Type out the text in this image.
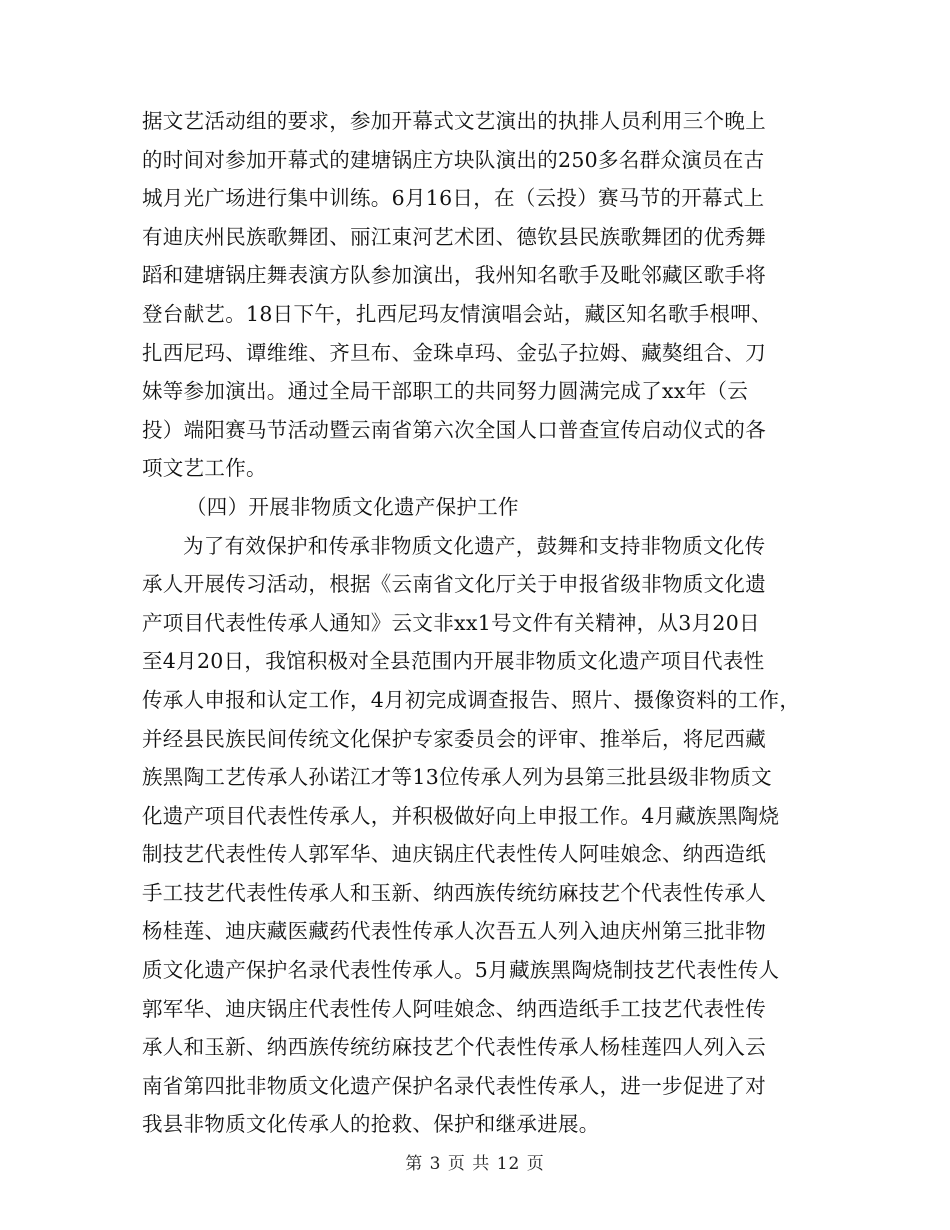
据文艺活动组的要求，参加开幕式文艺演出的执排人员利用三个晚上
的时间对参加开幕式的建塘锅庄方块队演出的250多名群众演员在古
城月光广场进行集中训练。6月16日，在（云投）赛马节的开幕式上
有迪庆州民族歌舞团、丽江東河艺术团、德钦县民族歌舞团的优秀舞
蹈和建塘锅庄舞表演方队参加演出，我州知名歌手及毗邻藏区歌手将
登台献艺。18日下午，扎西尼玛友情演唱会站，藏区知名歌手根呷、
扎西尼玛、谭维维、齐旦布、金珠卓玛、金弘子拉姆、藏獒组合、刀
妹等参加演出。通过全局干部职工的共同努力圆满完成了xx年（云
投）端阳赛马节活动暨云南省第六次全国人口普查宣传启动仪式的各
项文艺工作。
（四）开展非物质文化遗产保护工作
为了有效保护和传承非物质文化遗产，鼓舞和支持非物质文化传
承人开展传习活动，根据《云南省文化厅关于申报省级非物质文化遗
产项目代表性传承人通知》云文非xx1号文件有关精神，从3月20日
至4月20日，我馆积极对全县范围内开展非物质文化遗产项目代表性
传承人申报和认定工作，4月初完成调查报告、照片、摄像资料的工作，
并经县民族民间传统文化保护专家委员会的评审、推举后，将尼西藏
族黑陶工艺传承人孙诺江才等13位传承人列为县第三批县级非物质文
化遗产项目代表性传承人，并积极做好向上申报工作。4月藏族黑陶烧
制技艺代表性传人郭军华、迪庆锅庄代表性传人阿哇娘念、纳西造纸
手工技艺代表性传承人和玉新、纳西族传统纺麻技艺个代表性传承人
杨桂莲、迪庆藏医藏药代表性传承人次吾五人列入迪庆州第三批非物
质文化遗产保护名录代表性传承人。5月藏族黑陶烧制技艺代表性传人
郭军华、迪庆锅庄代表性传人阿哇娘念、纳西造纸手工技艺代表性传
承人和玉新、纳西族传统纺麻技艺个代表性传承人杨桂莲四人列入云
南省第四批非物质文化遗产保护名录代表性传承人，进一步促进了对
我县非物质文化传承人的抢救、保护和继承进展。
第 3 页 共 12 页
